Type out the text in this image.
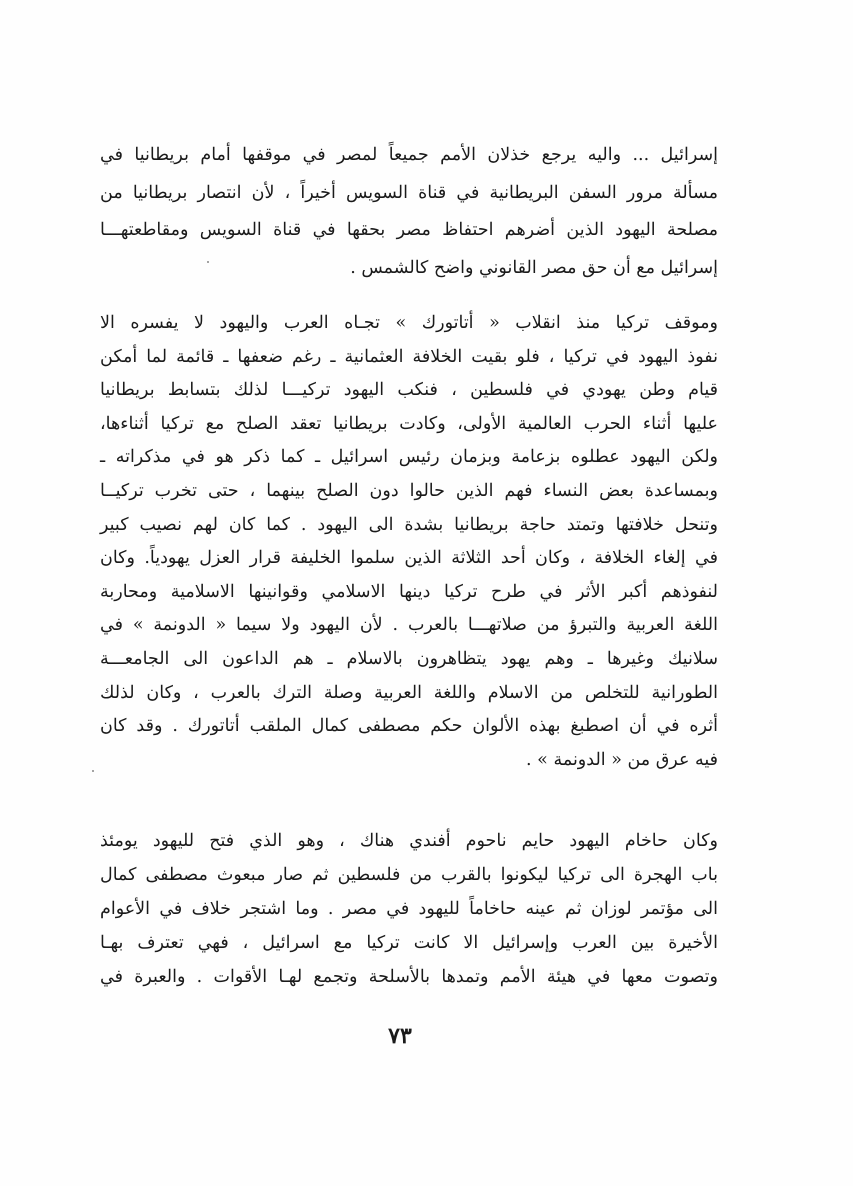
إسرائيل ... واليه يرجع خذلان الأمم جميعاً لمصر في موقفها أمام بريطانيا في
مسألة مرور السفن البريطانية في قناة السويس أخيراً ، لأن انتصار بريطانيا من
مصلحة اليهود الذين أضرهم احتفاظ مصر بحقها في قناة السويس ومقاطعتهـــا
إسرائيل مع أن حق مصر القانوني واضح كالشمس .
وموقف تركيا منذ انقلاب « أتاتورك » تجـاه العرب واليهود لا يفسره الا
نفوذ اليهود في تركيا ، فلو بقيت الخلافة العثمانية ـ رغم ضعفها ـ قائمة لما أمكن
قيام وطن يهودي في فلسطين ، فنكب اليهود تركيـــا لذلك بتسابط بريطانيا
عليها أثناء الحرب العالمية الأولى، وكادت بريطانيا تعقد الصلح مع تركيا أثناءها،
ولكن اليهود عطلوه بزعامة وبزمان رئيس اسرائيل ـ كما ذكر هو في مذكراته ـ
وبمساعدة بعض النساء فهم الذين حالوا دون الصلح بينهما ، حتى تخرب تركيــا
وتنحل خلافتها وتمتد حاجة بريطانيا بشدة الى اليهود . كما كان لهم نصيب كبير
في إلغاء الخلافة ، وكان أحد الثلاثة الذين سلموا الخليفة قرار العزل يهودياً. وكان
لنفوذهم أكبر الأثر في طرح تركيا دينها الاسلامي وقوانينها الاسلامية ومحاربة
اللغة العربية والتبرؤ من صلاتهـــا بالعرب . لأن اليهود ولا سيما « الدونمة » في
سلانيك وغيرها ـ وهم يهود يتظاهرون بالاسلام ـ هم الداعون الى الجامعـــة
الطورانية للتخلص من الاسلام واللغة العربية وصلة الترك بالعرب ، وكان لذلك
أثره في أن اصطبغ بهذه الألوان حكم مصطفى كمال الملقب أتاتورك . وقد كان
فيه عرق من « الدونمة » .
وكان حاخام اليهود حايم ناحوم أفندي هناك ، وهو الذي فتح لليهود يومئذ
باب الهجرة الى تركيا ليكونوا بالقرب من فلسطين ثم صار مبعوث مصطفى كمال
الى مؤتمر لوزان ثم عينه حاخاماً لليهود في مصر . وما اشتجر خلاف في الأعوام
الأخيرة بين العرب وإسرائيل الا كانت تركيا مع اسرائيل ، فهي تعترف بهـا
وتصوت معها في هيئة الأمم وتمدها بالأسلحة وتجمع لهـا الأقوات . والعبرة في
٧٣
